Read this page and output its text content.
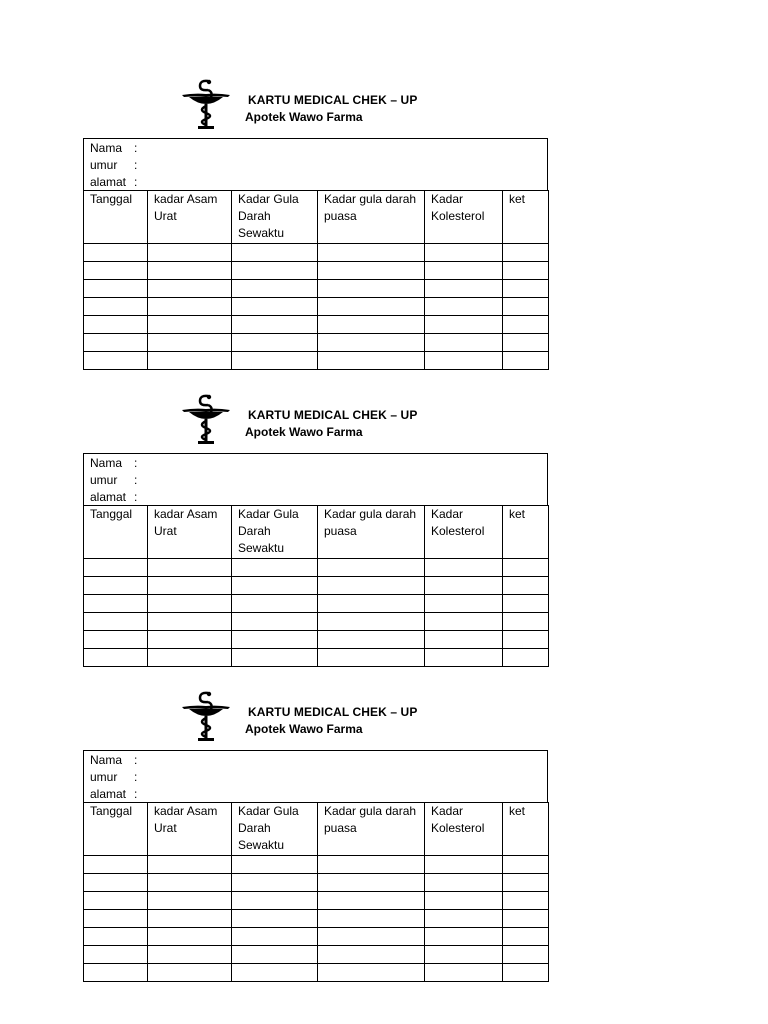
KARTU MEDICAL CHEK – UP
Apotek Wawo Farma
Nama :
umur	:
alamat :
Tanggal	kadar Asam Urat	Kadar Gula Darah Sewaktu	Kadar gula darah puasa	Kadar Kolesterol	ket

KARTU MEDICAL CHEK – UP
Apotek Wawo Farma
Nama :
umur	:
alamat :
Tanggal	kadar Asam Urat	Kadar Gula Darah Sewaktu	Kadar gula darah puasa	Kadar Kolesterol	ket

KARTU MEDICAL CHEK – UP
Apotek Wawo Farma
Nama :
umur	:
alamat :
Tanggal	kadar Asam Urat	Kadar Gula Darah Sewaktu	Kadar gula darah puasa	Kadar Kolesterol	ket
